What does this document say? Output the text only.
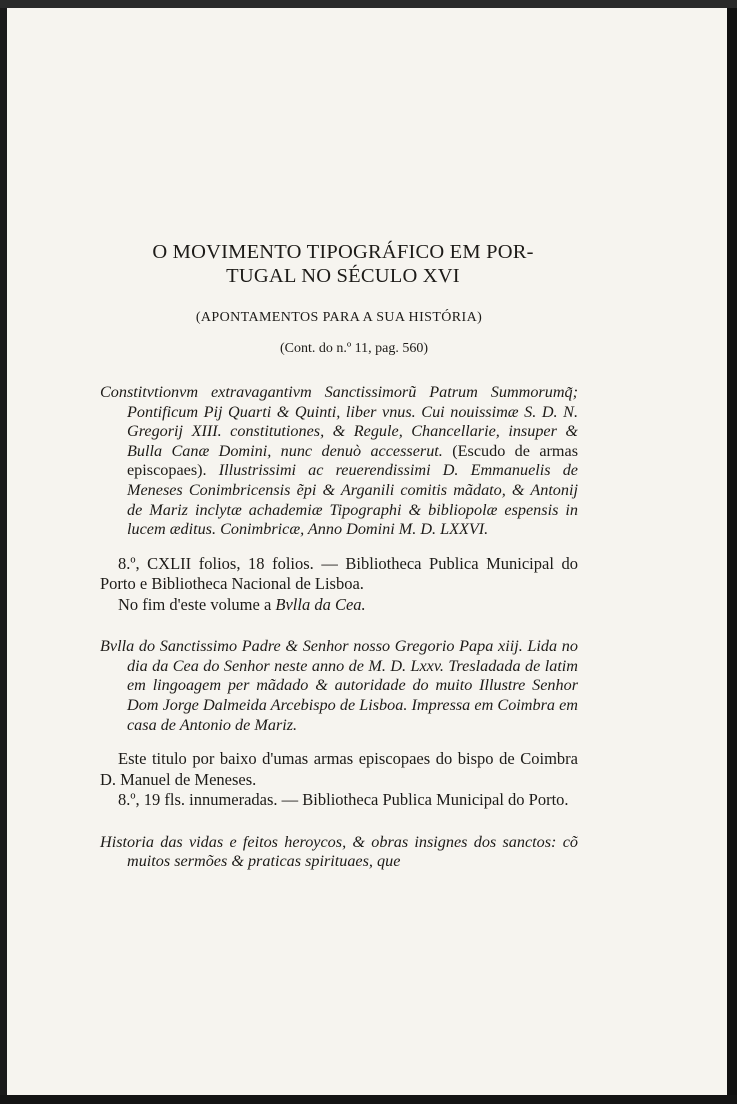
O MOVIMENTO TIPOGRÁFICO EM POR-
TUGAL NO SÉCULO XVI
(APONTAMENTOS PARA A SUA HISTÓRIA)
(Cont. do n.º 11, pag. 560)
Constitvtionvm extravagantivm Sanctissimorũ Patrum Summorumq̃; Pontificum Pij Quarti & Quinti, liber vnus. Cui nouissimæ S. D. N. Gregorij XIII. constitutiones, & Regule, Chancellarie, insuper & Bulla Canæ Domini, nunc denuò accesserut. (Escudo de armas episcopaes). Illustrissimi ac reuerendissimi D. Emmanuelis de Meneses Conimbricensis ẽpi & Arganili comitis mãdato, & Antonij de Mariz inclytæ achademiæ Tipographi & bibliopolæ espensis in lucem æditus. Conimbricæ, Anno Domini M. D. LXXVI.
8.º, CXLII folios, 18 folios. — Bibliotheca Publica Municipal do Porto e Bibliotheca Nacional de Lisboa.
No fim d'este volume a Bvlla da Cea.
Bvlla do Sanctissimo Padre & Senhor nosso Gregorio Papa xiij. Lida no dia da Cea do Senhor neste anno de M. D. Lxxv. Tresladada de latim em lingoagem per mãdado & autoridade do muito Illustre Senhor Dom Jorge Dalmeida Arcebispo de Lisboa. Impressa em Coimbra em casa de Antonio de Mariz.
Este titulo por baixo d'umas armas episcopaes do bispo de Coimbra D. Manuel de Meneses.
8.º, 19 fls. innumeradas. — Bibliotheca Publica Municipal do Porto.
Historia das vidas e feitos heroycos, & obras insignes dos sanctos: cõ muitos sermões & praticas spirituaes, que
